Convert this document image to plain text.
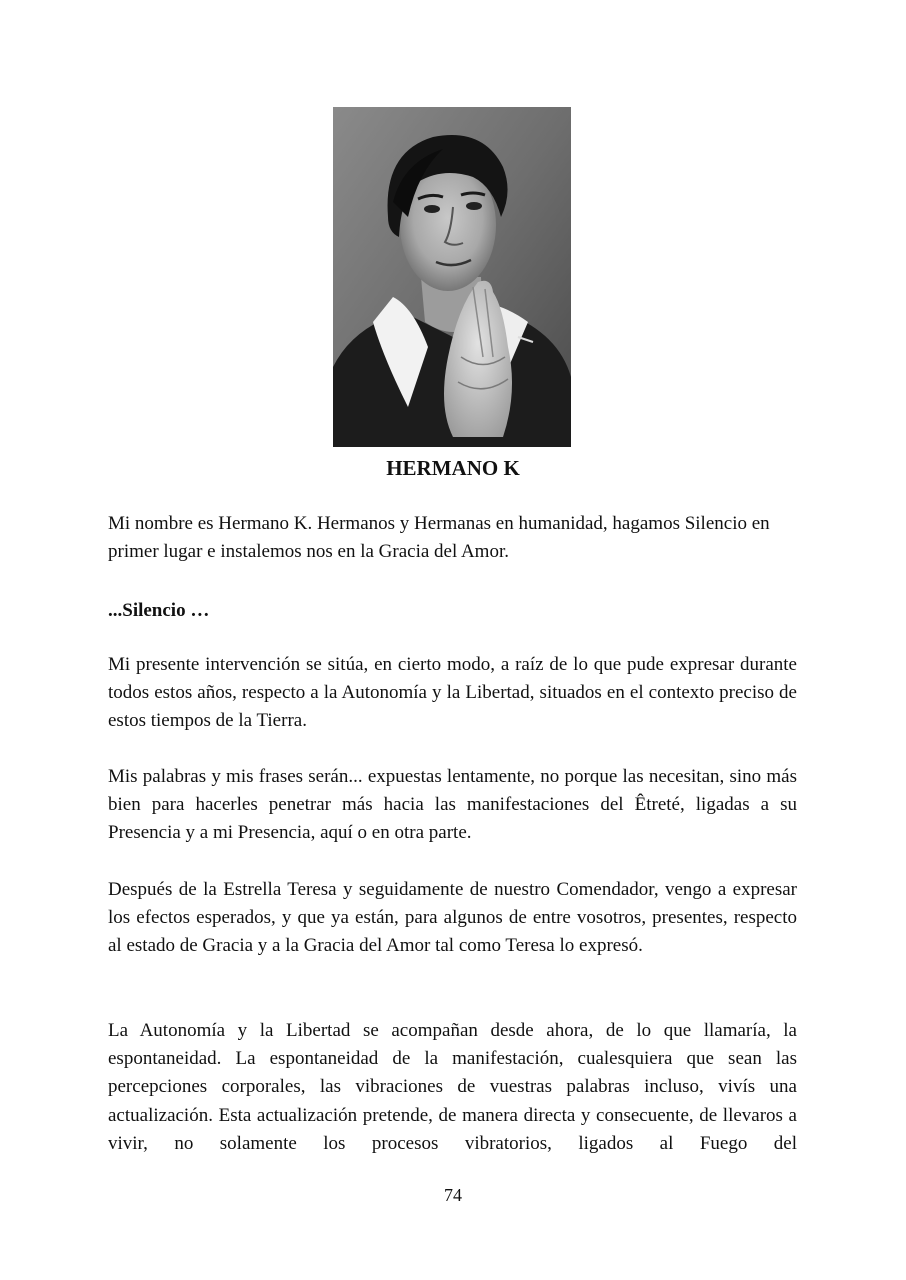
HERMANO K

Mi nombre es Hermano K. Hermanos y Hermanas en humanidad, hagamos Silencio en primer lugar e instalemos nos en la Gracia del Amor.

...Silencio …

Mi presente intervención se sitúa, en cierto modo, a raíz de lo que pude expresar durante todos estos años, respecto a la Autonomía y la Libertad, situados en el contexto preciso de estos tiempos de la Tierra.

Mis palabras y mis frases serán... expuestas lentamente, no porque las necesitan, sino más bien para hacerles penetrar más hacia las manifestaciones del Êtreté, ligadas a su Presencia y a mi Presencia, aquí o en otra parte.

Después de la Estrella Teresa y seguidamente de nuestro Comendador, vengo a expresar los efectos esperados, y que ya están, para algunos de entre vosotros, presentes, respecto al estado de Gracia y a la Gracia del Amor tal como Teresa lo expresó.

La Autonomía y la Libertad se acompañan desde ahora, de lo que llamaría, la espontaneidad. La espontaneidad de la manifestación, cualesquiera que sean las percepciones corporales, las vibraciones de vuestras palabras incluso, vivís una actualización. Esta actualización pretende, de manera directa y consecuente, de llevaros a vivir, no solamente los procesos vibratorios, ligados al Fuego del

74
